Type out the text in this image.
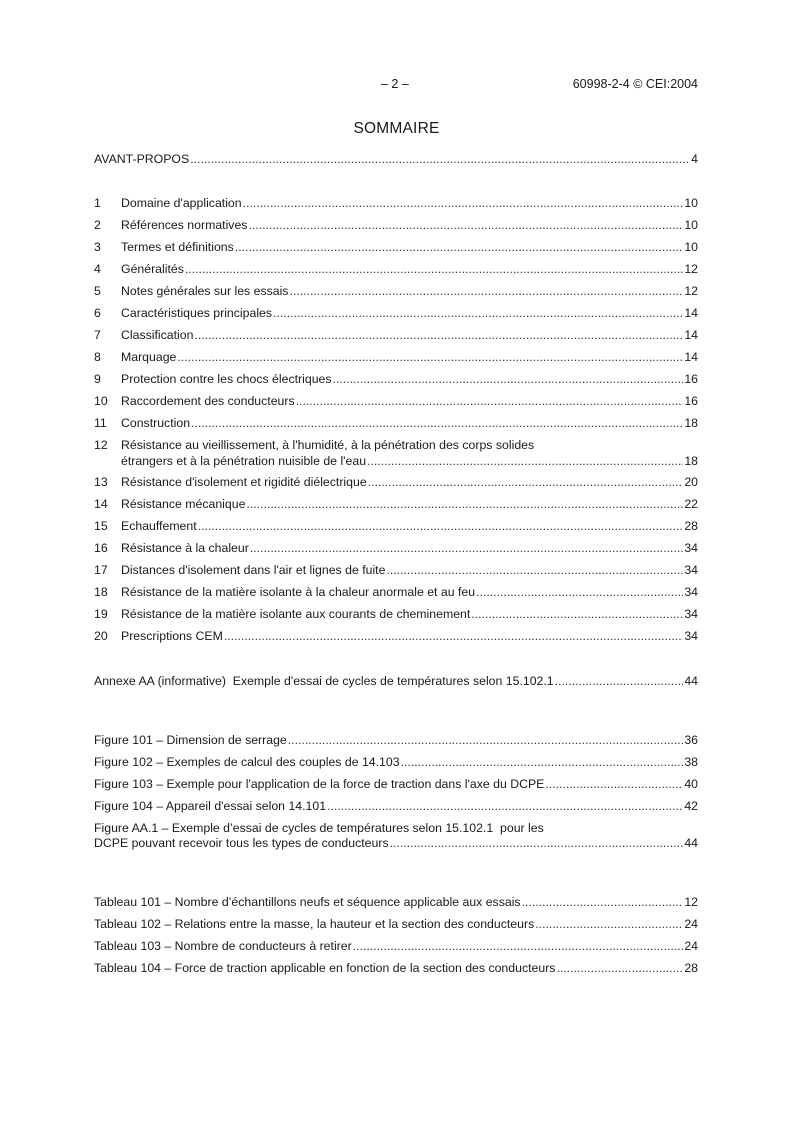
– 2 –	60998-2-4 © CEI:2004
SOMMAIRE
AVANT-PROPOS .....	4
1	Domaine d'application .....	10
2	Références normatives .....	10
3	Termes et définitions .....	10
4	Généralités .....	12
5	Notes générales sur les essais .....	12
6	Caractéristiques principales .....	14
7	Classification .....	14
8	Marquage .....	14
9	Protection contre les chocs électriques .....	16
10	Raccordement des conducteurs .....	16
11	Construction .....	18
12	Résistance au vieillissement, à l'humidité, à la pénétration des corps solides
étrangers et à la pénétration nuisible de l'eau .....	18
13	Résistance d'isolement et rigidité diélectrique .....	20
14	Résistance mécanique .....	22
15	Echauffement .....	28
16	Résistance à la chaleur .....	34
17	Distances d'isolement dans l'air et lignes de fuite .....	34
18	Résistance de la matière isolante à la chaleur anormale et au feu .....	34
19	Résistance de la matière isolante aux courants de cheminement .....	34
20	Prescriptions CEM .....	34
Annexe AA (informative)  Exemple d'essai de cycles de températures selon 15.102.1 .....	44
Figure 101 – Dimension de serrage .....	36
Figure 102 – Exemples de calcul des couples de 14.103 .....	38
Figure 103 – Exemple pour l'application de la force de traction dans l'axe du DCPE .....	40
Figure 104 – Appareil d'essai selon 14.101 .....	42
Figure AA.1 – Exemple d’essai de cycles de températures selon 15.102.1  pour les
DCPE pouvant recevoir tous les types de conducteurs .....	44
Tableau 101 – Nombre d’échantillons neufs et séquence applicable aux essais .....	12
Tableau 102 – Relations entre la masse, la hauteur et la section des conducteurs .....	24
Tableau 103 – Nombre de conducteurs à retirer .....	24
Tableau 104 – Force de traction applicable en fonction de la section des conducteurs .....	28
